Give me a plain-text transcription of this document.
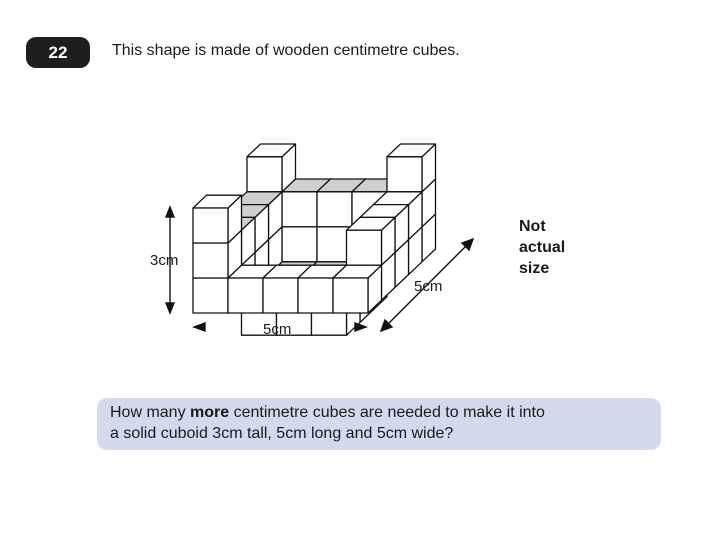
22	This shape is made of wooden centimetre cubes.
3cm
5cm
5cm
Not
actual
size
How many more centimetre cubes are needed to make it into
a solid cuboid 3cm tall, 5cm long and 5cm wide?
